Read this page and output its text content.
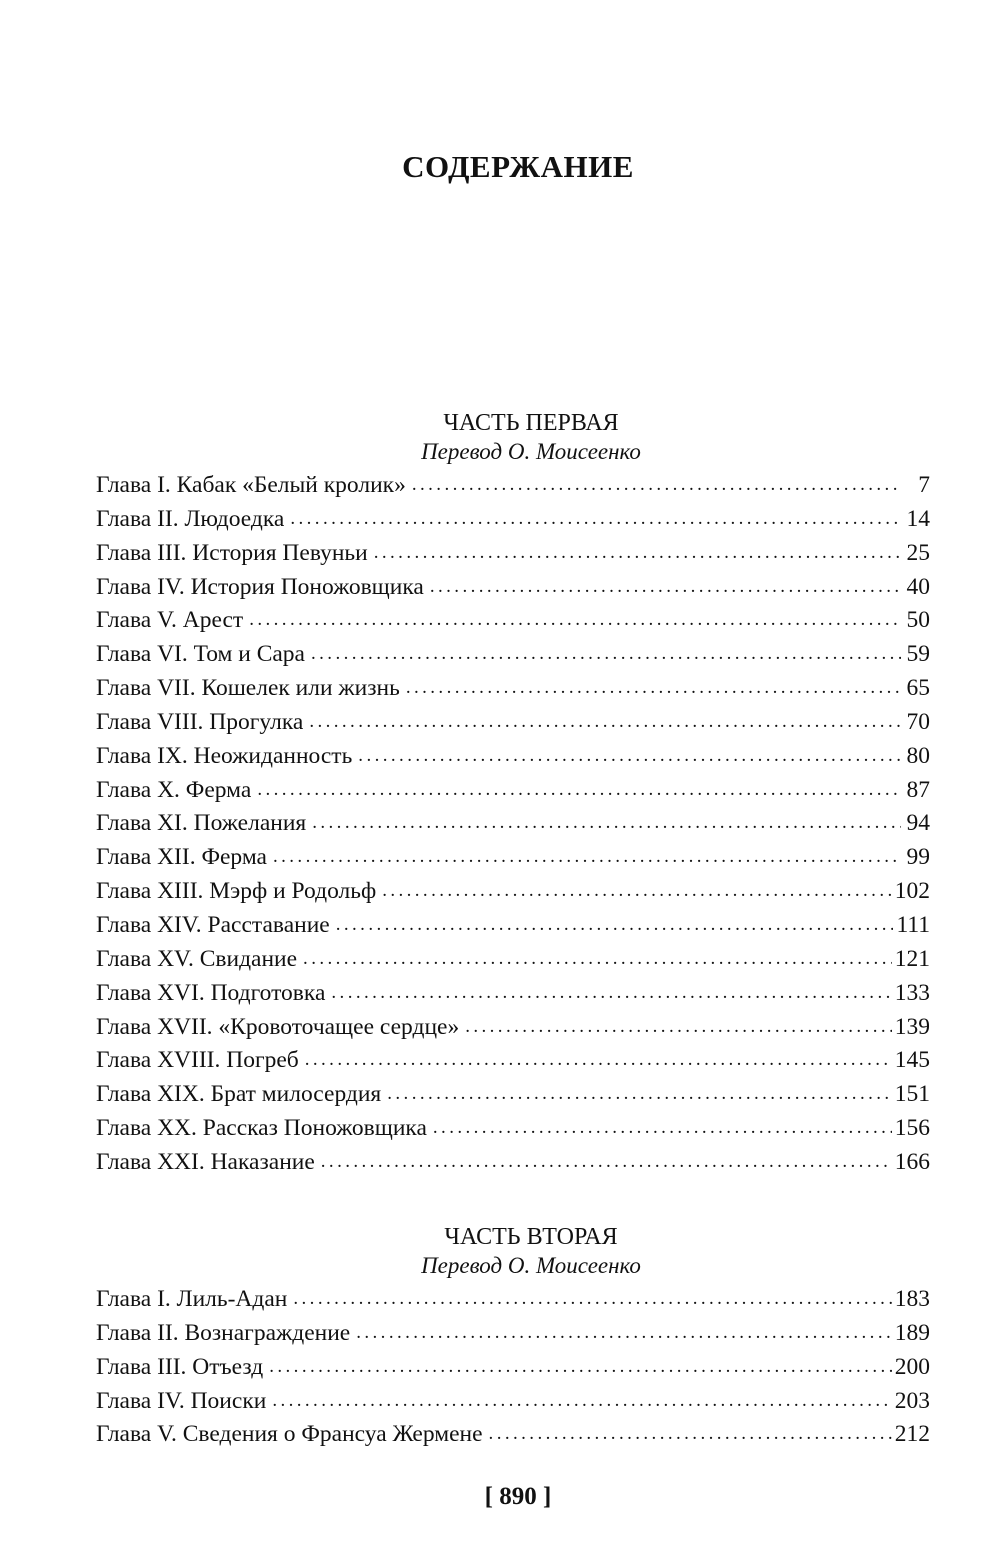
СОДЕРЖАНИЕ
ЧАСТЬ ПЕРВАЯ
Перевод О. Моисеенко
Глава I. Кабак «Белый кролик» .....	7
Глава II. Людоедка .....	14
Глава III. История Певуньи .....	25
Глава IV. История Поножовщика .....	40
Глава V. Арест .....	50
Глава VI. Том и Сара .....	59
Глава VII. Кошелек или жизнь .....	65
Глава VIII. Прогулка .....	70
Глава IX. Неожиданность .....	80
Глава X. Ферма .....	87
Глава XI. Пожелания .....	94
Глава XII. Ферма .....	99
Глава XIII. Мэрф и Родольф .....	102
Глава XIV. Расставание .....	111
Глава XV. Свидание .....	121
Глава XVI. Подготовка .....	133
Глава XVII. «Кровоточащее сердце» .....	139
Глава XVIII. Погреб .....	145
Глава XIX. Брат милосердия .....	151
Глава XX. Рассказ Поножовщика .....	156
Глава XXI. Наказание .....	166
ЧАСТЬ ВТОРАЯ
Перевод О. Моисеенко
Глава I. Лиль-Адан .....	183
Глава II. Вознаграждение .....	189
Глава III. Отъезд .....	200
Глава IV. Поиски .....	203
Глава V. Сведения о Франсуа Жермене .....	212
[ 890 ]
